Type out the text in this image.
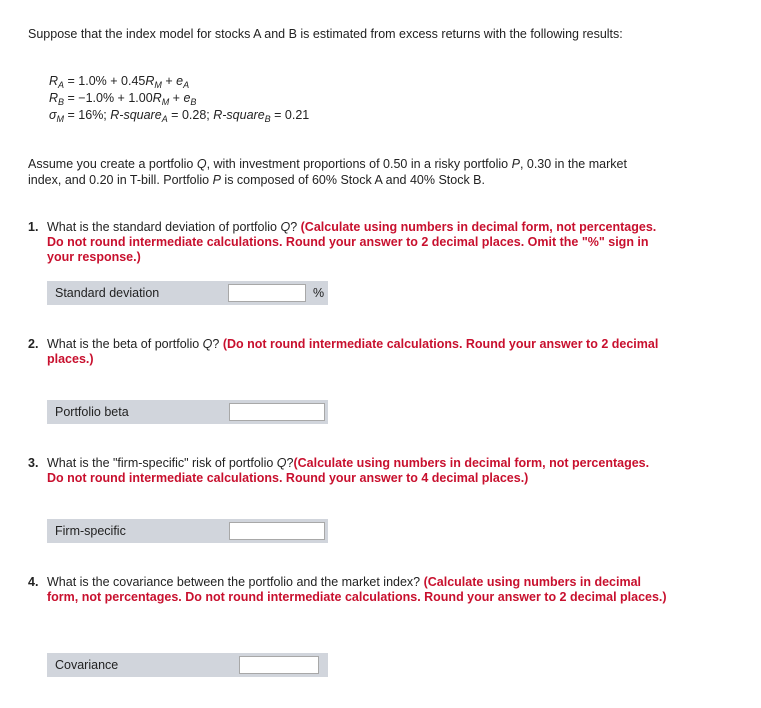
Suppose that the index model for stocks A and B is estimated from excess returns with the following results:
$R_A = 1.0\% + 0.45R_M + e_A$
$R_B = -1.0\% + 1.00R_M + e_B$
$\sigma_M = 16\%$; R-square$_A$ = 0.28; R-square$_B$ = 0.21
Assume you create a portfolio Q, with investment proportions of 0.50 in a risky portfolio P, 0.30 in the market index, and 0.20 in T-bill. Portfolio P is composed of 60% Stock A and 40% Stock B.
1. What is the standard deviation of portfolio Q? (Calculate using numbers in decimal form, not percentages. Do not round intermediate calculations. Round your answer to 2 decimal places. Omit the "%" sign in your response.)
Standard deviation	%
2. What is the beta of portfolio Q? (Do not round intermediate calculations. Round your answer to 2 decimal places.)
Portfolio beta
3. What is the "firm-specific" risk of portfolio Q?(Calculate using numbers in decimal form, not percentages. Do not round intermediate calculations. Round your answer to 4 decimal places.)
Firm-specific
4. What is the covariance between the portfolio and the market index? (Calculate using numbers in decimal form, not percentages. Do not round intermediate calculations. Round your answer to 2 decimal places.)
Covariance
